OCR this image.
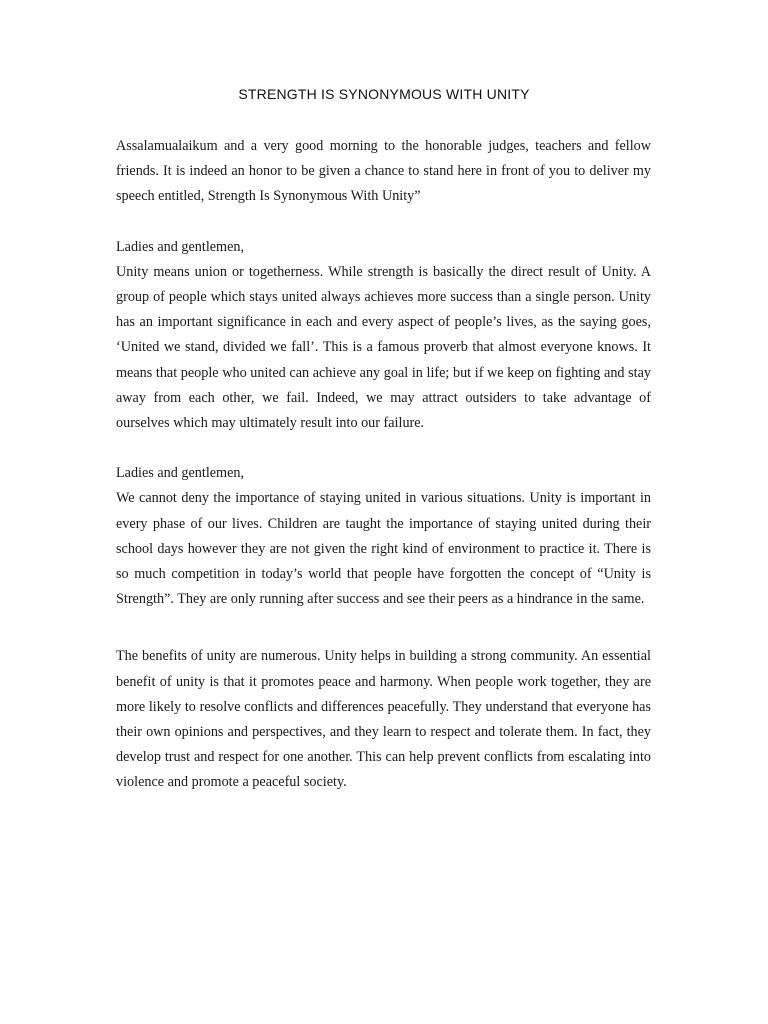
STRENGTH IS SYNONYMOUS WITH UNITY

Assalamualaikum and a very good morning to the honorable judges, teachers and fellow friends. It is indeed an honor to be given a chance to stand here in front of you to deliver my speech entitled, Strength Is Synonymous With Unity”

Ladies and gentlemen,

Unity means union or togetherness. While strength is basically the direct result of Unity. A group of people which stays united always achieves more success than a single person. Unity has an important significance in each and every aspect of people’s lives, as the saying goes, ‘United we stand, divided we fall’. This is a famous proverb that almost everyone knows. It means that people who united can achieve any goal in life; but if we keep on fighting and stay away from each other, we fail. Indeed, we may attract outsiders to take advantage of ourselves which may ultimately result into our failure.

Ladies and gentlemen,

We cannot deny the importance of staying united in various situations. Unity is important in every phase of our lives. Children are taught the importance of staying united during their school days however they are not given the right kind of environment to practice it. There is so much competition in today’s world that people have forgotten the concept of “Unity is Strength”. They are only running after success and see their peers as a hindrance in the same.

The benefits of unity are numerous. Unity helps in building a strong community. An essential benefit of unity is that it promotes peace and harmony. When people work together, they are more likely to resolve conflicts and differences peacefully. They understand that everyone has their own opinions and perspectives, and they learn to respect and tolerate them. In fact, they develop trust and respect for one another. This can help prevent conflicts from escalating into violence and promote a peaceful society.
